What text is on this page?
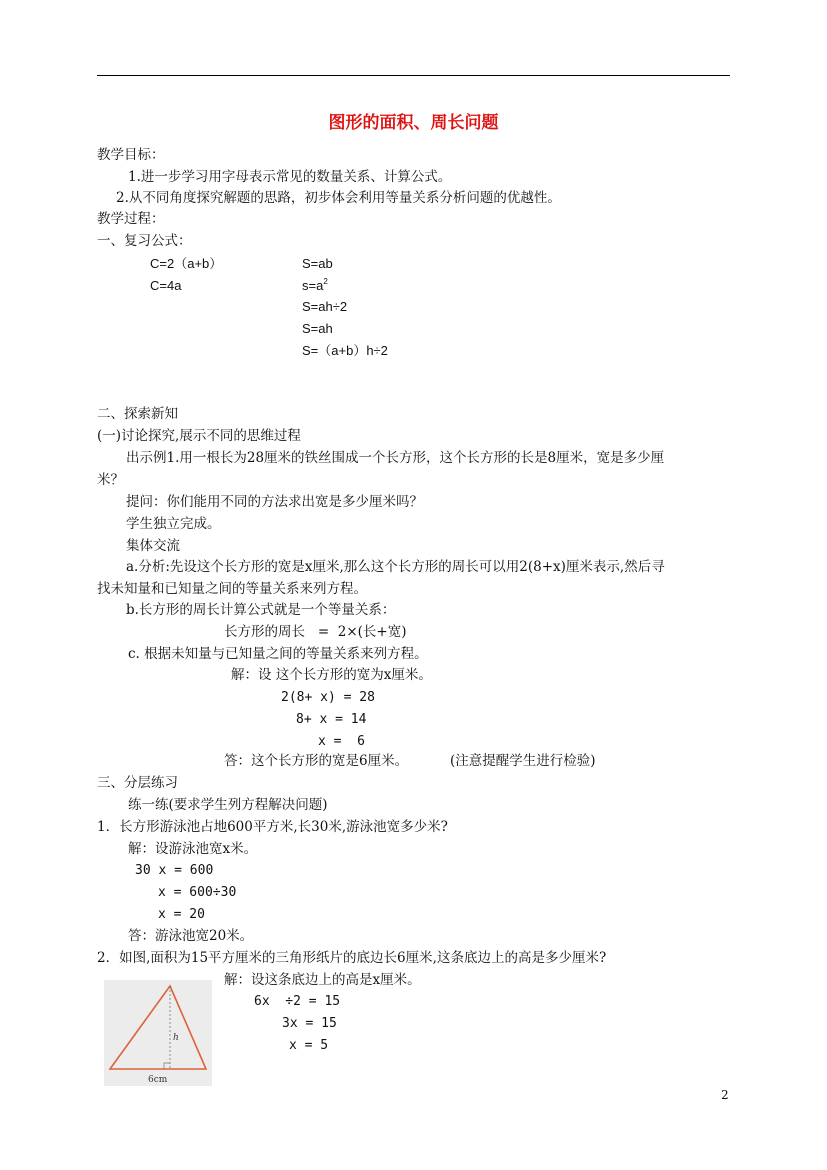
图形的面积、周长问题
教学目标：
1.进一步学习用字母表示常见的数量关系、计算公式。
2.从不同角度探究解题的思路，初步体会利用等量关系分析问题的优越性。
教学过程：
一、复习公式：
C=2（a+b）
C=4a
S=ab
$s=a^2$
S=ah÷2
S=ah
S=（a+b）h÷2
二、探索新知
(一)讨论探究,展示不同的思维过程
出示例1.用一根长为28厘米的铁丝围成一个长方形，这个长方形的长是8厘米，宽是多少厘
米？
提问：你们能用不同的方法求出宽是多少厘米吗？
学生独立完成。
集体交流
a.分析:先设这个长方形的宽是x厘米,那么这个长方形的周长可以用2(8+x)厘米表示,然后寻
找未知量和已知量之间的等量关系来列方程。
b.长方形的周长计算公式就是一个等量关系：
长方形的周长   =  2×(长+宽)
c. 根据未知量与已知量之间的等量关系来列方程。
解：设 这个长方形的宽为x厘米。
2(8+ x) = 28
8+ x = 14
x =  6
答：这个长方形的宽是6厘米。	(注意提醒学生进行检验)
三、分层练习
练一练(要求学生列方程解决问题)
1．长方形游泳池占地600平方米,长30米,游泳池宽多少米?
解：设游泳池宽x米。
30 x = 600
x = 600÷30
x = 20
答：游泳池宽20米。
2．如图,面积为15平方厘米的三角形纸片的底边长6厘米,这条底边上的高是多少厘米?
解：设这条底边上的高是x厘米。
6x  ÷2 = 15
3x = 15
x = 5
h
6cm
2
